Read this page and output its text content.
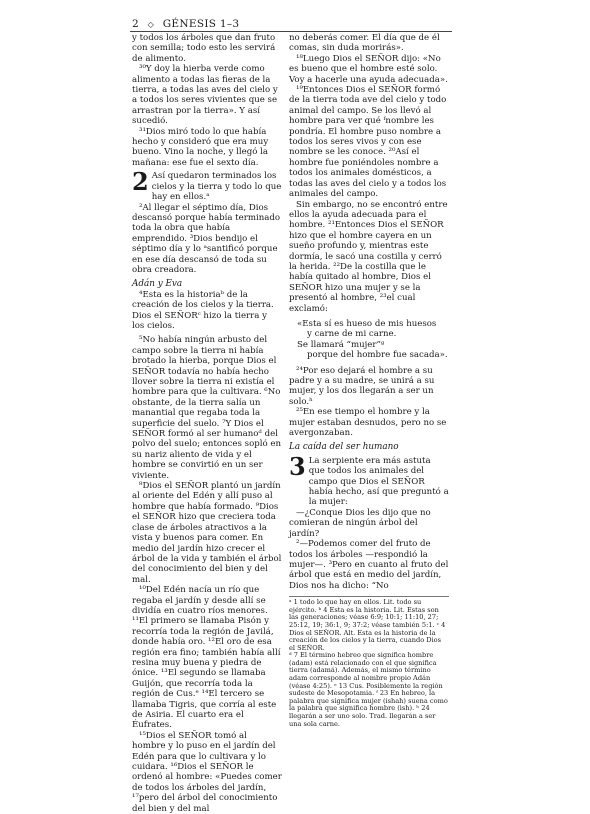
2 ◇ GÉNESIS 1–3

y todos los árboles que dan fruto con semilla; todo esto les servirá de alimento.

³⁰Y doy la hierba verde como alimento a todas las fieras de la tierra, a todas las aves del cielo y a todos los seres vivientes que se arrastran por la tierra». Y así sucedió.

³¹Dios miró todo lo que había hecho y consideró que era muy bueno. Vino la noche, y llegó la mañana: ese fue el sexto día.

2 Así quedaron terminados los cielos y la tierra y todo lo que hay en ellos.ᵃ

²Al llegar el séptimo día, Dios descansó porque había terminado toda la obra que había emprendido. ³Dios bendijo el séptimo día y lo ᵃsantificó porque en ese día descansó de toda su obra creadora.

Adán y Eva

⁴Esta es la historiaᵇ de la creación de los cielos y la tierra. Dios el SEÑORᶜ hizo la tierra y los cielos.

⁵No había ningún arbusto del campo sobre la tierra ni había brotado la hierba, porque Dios el SEÑOR todavía no había hecho llover sobre la tierra ni existía el hombre para que la cultivara. ⁶No obstante, de la tierra salía un manantial que regaba toda la superficie del suelo. ⁷Y Dios el SEÑOR formó al ser humanoᵈ del polvo del suelo; entonces sopló en su nariz aliento de vida y el hombre se convirtió en un ser viviente.

⁸Dios el SEÑOR plantó un jardín al oriente del Edén y allí puso al hombre que había formado. ⁹Dios el SEÑOR hizo que creciera toda clase de árboles atractivos a la vista y buenos para comer. En medio del jardín hizo crecer el árbol de la vida y también el árbol del conocimiento del bien y del mal.

¹⁰Del Edén nacía un río que regaba el jardín y desde allí se dividía en cuatro ríos menores. ¹¹El primero se llamaba Pisón y recorría toda la región de Javilá, donde había oro. ¹²El oro de esa región era fino; también había allí resina muy buena y piedra de ónice. ¹³El segundo se llamaba Guijón, que recorría toda la región de Cus.ᵉ ¹⁴El tercero se llamaba Tigris, que corría al este de Asiria. El cuarto era el Éufrates.

¹⁵Dios el SEÑOR tomó al hombre y lo puso en el jardín del Edén para que lo cultivara y lo cuidara. ¹⁶Dios el SEÑOR le ordenó al hombre: «Puedes comer de todos los árboles del jardín, ¹⁷pero del árbol del conocimiento del bien y del mal

no deberás comer. El día que de él comas, sin duda morirás».

¹⁸Luego Dios el SEÑOR dijo: «No es bueno que el hombre esté solo. Voy a hacerle una ayuda adecuada».

¹⁹Entonces Dios el SEÑOR formó de la tierra toda ave del cielo y todo animal del campo. Se los llevó al hombre para ver qué ᶠnombre les pondría. El hombre puso nombre a todos los seres vivos y con ese nombre se les conoce. ²⁰Así el hombre fue poniéndoles nombre a todos los animales domésticos, a todas las aves del cielo y a todos los animales del campo.

Sin embargo, no se encontró entre ellos la ayuda adecuada para el hombre. ²¹Entonces Dios el SEÑOR hizo que el hombre cayera en un sueño profundo y, mientras este dormía, le sacó una costilla y cerró la herida. ²²De la costilla que le había quitado al hombre, Dios el SEÑOR hizo una mujer y se la presentó al hombre, ²³el cual exclamó:

«Esta sí es hueso de mis huesos
y carne de mi carne.
Se llamará “mujer”ᵍ
porque del hombre fue sacada».

²⁴Por eso dejará el hombre a su padre y a su madre, se unirá a su mujer, y los dos llegarán a ser un solo.ʰ

²⁵En ese tiempo el hombre y la mujer estaban desnudos, pero no se avergonzaban.

La caída del ser humano
3 La serpiente era más astuta que todos los animales del campo que Dios el SEÑOR había hecho, así que preguntó a la mujer:

—¿Conque Dios les dijo que no comieran de ningún árbol del jardín?

²—Podemos comer del fruto de todos los árboles —respondió la mujer—. ³Pero en cuanto al fruto del árbol que está en medio del jardín, Dios nos ha dicho: “No

ᵃ 1 todo lo que hay en ellos. Lit. todo su ejército. ᵇ 4 Esta es la historia. Lit. Estas son las generaciones; véase 6:9; 10:1; 11:10, 27; 25:12, 19; 36:1, 9; 37:2; véase también 5:1. ᶜ 4 Dios el SEÑOR. Alt. Esta es la historia de la creación de los cielos y la tierra, cuando Dios el SEÑOR.

ᵈ 7 El término hebreo que significa hombre (adam) está relacionado con el que significa tierra (adamá). Además, el mismo término adam corresponde al nombre propio Adán (véase 4:25). ᵉ 13 Cus. Posiblemente la región sudeste de Mesopotamia. ᶠ 23 En hebreo, la palabra que significa mujer (ishah) suena como la palabra que significa hombre (ish). ʰ 24 llegarán a ser uno solo. Trad. llegarán a ser una sola carne.
